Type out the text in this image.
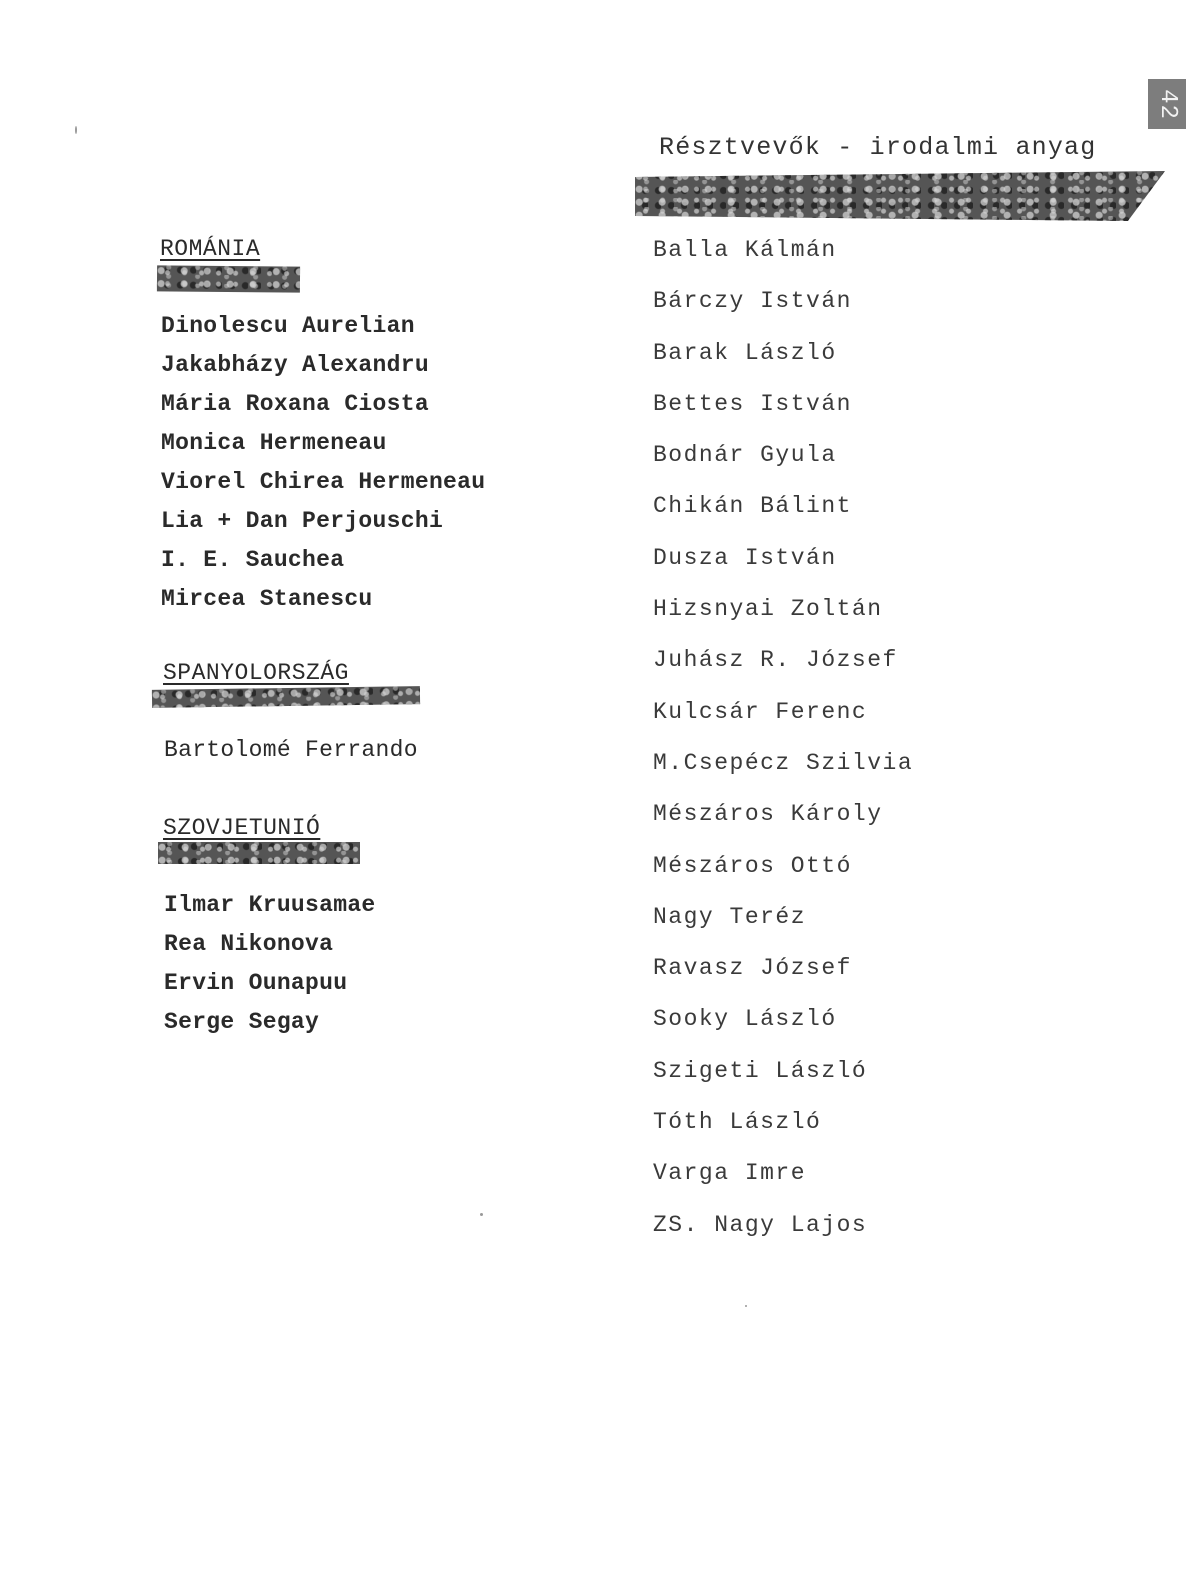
42
Résztvevők - irodalmi anyag
ROMÁNIA
Dinolescu Aurelian
Jakabházy Alexandru
Mária Roxana Ciosta
Monica Hermeneau
Viorel Chirea Hermeneau
Lia + Dan Perjouschi
I. E. Sauchea
Mircea Stanescu
SPANYOLORSZÁG
Bartolomé Ferrando
SZOVJETUNIÓ
Ilmar Kruusamae
Rea Nikonova
Ervin Ounapuu
Serge Segay
Balla Kálmán
Bárczy István
Barak László
Bettes István
Bodnár Gyula
Chikán Bálint
Dusza István
Hizsnyai Zoltán
Juhász R. József
Kulcsár Ferenc
M.Csepécz Szilvia
Mészáros Károly
Mészáros Ottó
Nagy Teréz
Ravasz József
Sooky László
Szigeti László
Tóth László
Varga Imre
ZS. Nagy Lajos
